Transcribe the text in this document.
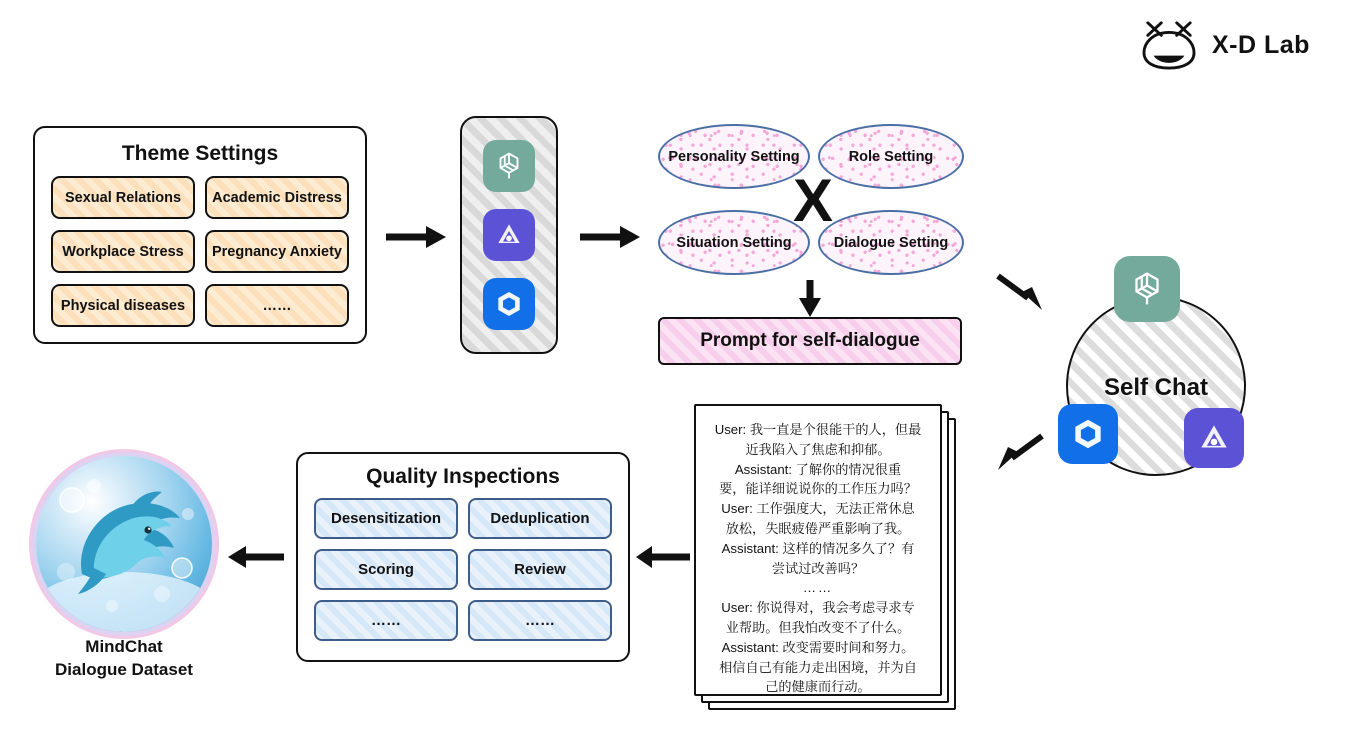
X-D Lab
Theme Settings
Sexual Relations	Academic Distress
Workplace Stress	Pregnancy Anxiety
Physical diseases	……
Personality Setting	Role Setting
Situation Setting	Dialogue Setting
X
Prompt for self-dialogue
Self Chat
User: 我一直是个很能干的人，但最
近我陷入了焦虑和抑郁。
Assistant: 了解你的情况很重
要，能详细说说你的工作压力吗？
User: 工作强度大，无法正常休息
放松，失眠疲倦严重影响了我。
Assistant: 这样的情况多久了？有
尝试过改善吗？
……
User: 你说得对，我会考虑寻求专
业帮助。但我怕改变不了什么。
Assistant: 改变需要时间和努力。
相信自己有能力走出困境，并为自
己的健康而行动。
Quality Inspections
Desensitization	Deduplication
Scoring	Review
……	……
MindChat
Dialogue Dataset
